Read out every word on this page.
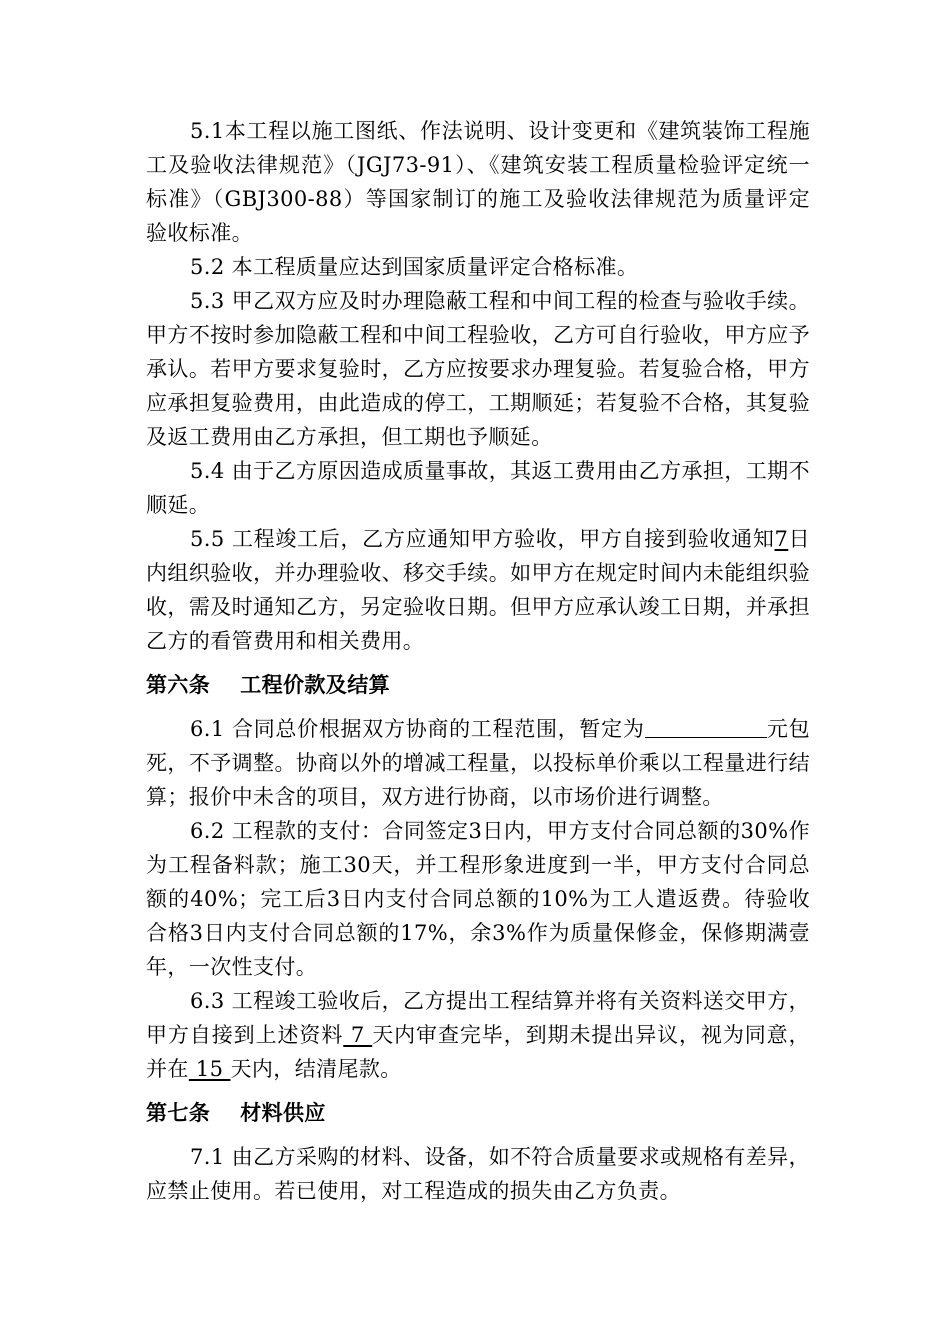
5.1本工程以施工图纸、作法说明、设计变更和《建筑装饰工程施工及验收法律规范》（JGJ73-91）、《建筑安装工程质量检验评定统一标准》（GBJ300-88）等国家制订的施工及验收法律规范为质量评定验收标准。

5.2 本工程质量应达到国家质量评定合格标准。

5.3 甲乙双方应及时办理隐蔽工程和中间工程的检查与验收手续。甲方不按时参加隐蔽工程和中间工程验收，乙方可自行验收，甲方应予承认。若甲方要求复验时，乙方应按要求办理复验。若复验合格，甲方应承担复验费用，由此造成的停工，工期顺延；若复验不合格，其复验及返工费用由乙方承担，但工期也予顺延。

5.4 由于乙方原因造成质量事故，其返工费用由乙方承担，工期不顺延。

5.5 工程竣工后，乙方应通知甲方验收，甲方自接到验收通知7日内组织验收，并办理验收、移交手续。如甲方在规定时间内未能组织验收，需及时通知乙方，另定验收日期。但甲方应承认竣工日期，并承担乙方的看管费用和相关费用。

第六条 工程价款及结算

6.1 合同总价根据双方协商的工程范围，暂定为	元包死，不予调整。协商以外的增减工程量，以投标单价乘以工程量进行结算；报价中未含的项目，双方进行协商，以市场价进行调整。

6.2 工程款的支付：合同签定3日内，甲方支付合同总额的30%作为工程备料款；施工30天，并工程形象进度到一半，甲方支付合同总额的40%；完工后3日内支付合同总额的10%为工人遣返费。待验收合格3日内支付合同总额的17%，余3%作为质量保修金，保修期满壹年，一次性支付。

6.3 工程竣工验收后，乙方提出工程结算并将有关资料送交甲方，甲方自接到上述资料 7 天内审查完毕，到期未提出异议，视为同意，并在 15 天内，结清尾款。

第七条 材料供应

7.1 由乙方采购的材料、设备，如不符合质量要求或规格有差异，应禁止使用。若已使用，对工程造成的损失由乙方负责。
